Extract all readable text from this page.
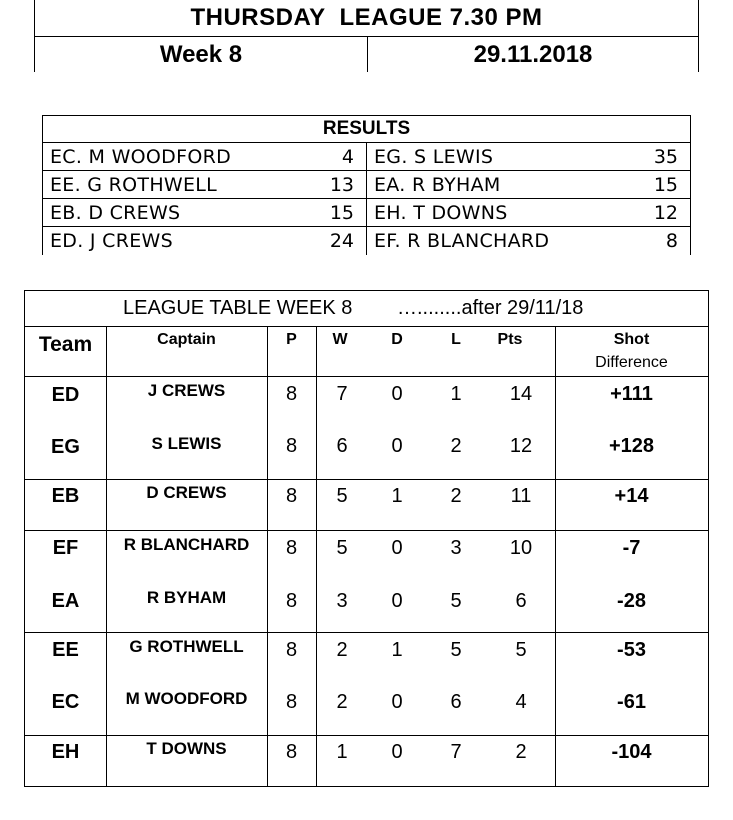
THURSDAY  LEAGUE 7.30 PM
Week 8	29.11.2018
RESULTS
EC. M WOODFORD	4 EG. S LEWIS	35
EE. G ROTHWELL	13 EA. R BYHAM	15
EB. D CREWS	15 EH. T DOWNS	12
ED. J CREWS	24 EF. R BLANCHARD	8

LEAGUE TABLE WEEK 8

…........after 29/11/18

Team	Captain	P	W	D	L	Pts	Shot
Difference
ED	J CREWS	8	7	0	1	14	+111
EG	S LEWIS	8	6	0	2	12	+128
EB	D CREWS	8	5	1	2	11	+14
EF	R BLANCHARD	8	5	0	3	10	-7
EA	R BYHAM	8	3	0	5	6	-28
EE	G ROTHWELL	8	2	1	5	5	-53
EC	M WOODFORD	8	2	0	6	4	-61
EH	T DOWNS	8	1	0	7	2	-104
